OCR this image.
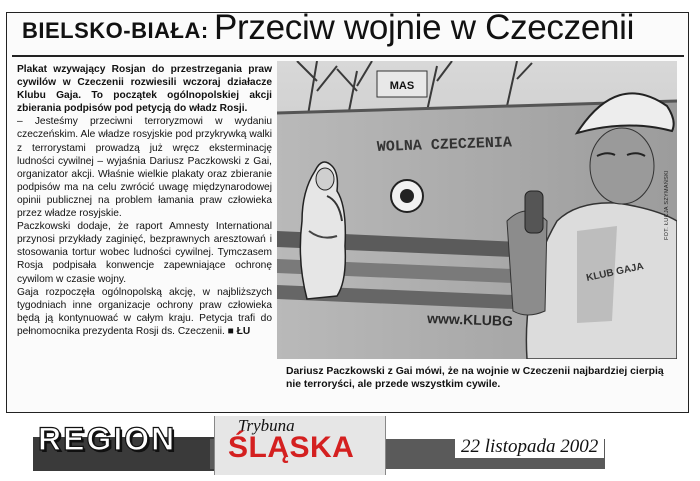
BIELSKO-BIAŁA: Przeciw wojnie w Czeczenii

Plakat wzywający Rosjan do przestrzegania praw cywilów w Czeczenii rozwiesili wczoraj działacze Klubu Gaja. To początek ogólnopolskiej akcji zbierania podpisów pod petycją do władz Rosji.

– Jesteśmy przeciwni terroryzmowi w wydaniu czeczeńskim. Ale władze rosyjskie pod przykrywką walki z terrorystami prowadzą już wręcz eksterminację ludności cywilnej – wyjaśnia Dariusz Paczkowski z Gai, organizator akcji. Właśnie wielkie plakaty oraz zbieranie podpisów ma na celu zwrócić uwagę międzynarodowej opinii publicznej na problem łamania praw człowieka przez władze rosyjskie.

Paczkowski dodaje, że raport Amnesty International przynosi przykłady zaginięć, bezprawnych aresztowań i stosowania tortur wobec ludności cywilnej. Tymczasem Rosja podpisała konwencje zapewniające ochronę cywilom w czasie wojny.

Gaja rozpoczęła ogólnopolską akcję, w najbliższych tygodniach inne organizacje ochrony praw człowieka będą ją kontynuować w całym kraju. Petycja trafi do pełnomocnika prezydenta Rosji ds. Czeczenii. ■ ŁU

MAS
WOLNA CZECZENIA
www.KLUBG
KLUB GAJA
FOT. ŁUCJA SZYMAŃSKI
Dariusz Paczkowski z Gai mówi, że na wojnie w Czeczenii najbardziej cierpią nie terroryści, ale przede wszystkim cywile.
REGION	Trybuna
ŚLĄSKA	22 listopada 2002
